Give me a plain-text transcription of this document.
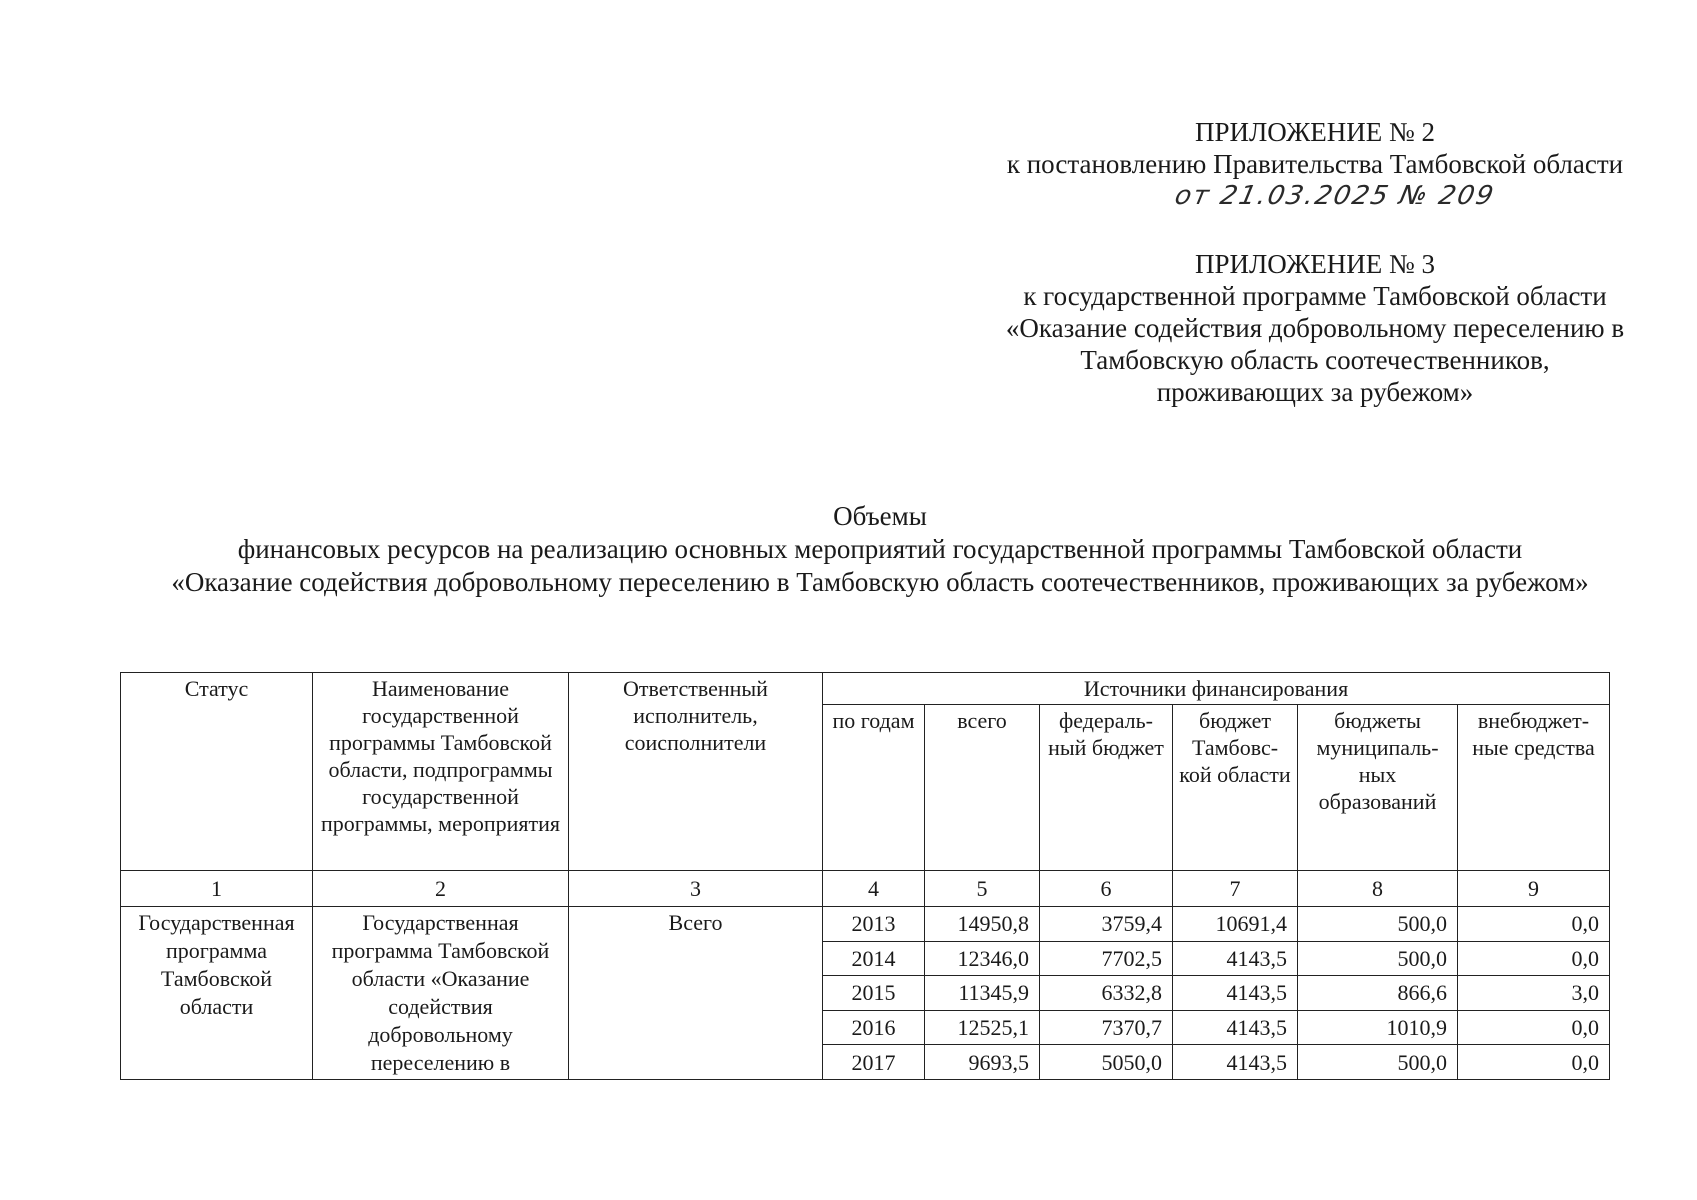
ПРИЛОЖЕНИЕ № 2
к постановлению Правительства Тамбовской области
от 21.03.2025 № 209
ПРИЛОЖЕНИЕ № 3
к государственной программе Тамбовской области
«Оказание содействия добровольному переселению в
Тамбовскую область соотечественников,
проживающих за рубежом»
Объемы
финансовых ресурсов на реализацию основных мероприятий государственной программы Тамбовской области
«Оказание содействия добровольному переселению в Тамбовскую область соотечественников, проживающих за рубежом»
Статус	Наименование государственной программы Тамбовской области, подпрограммы государственной программы, мероприятия	Ответственный исполнитель, соисполнители	Источники финансирования					
			по годам	всего	федераль-ный бюджет	бюджет Тамбовс-кой области	бюджеты муниципаль-ных образований	внебюджет-ные средства
1	2	3	4	5	6	7	8	9
Государственная программа Тамбовской области	Государственная программа Тамбовской области «Оказание содействия добровольному переселению в	Всего	2013	14950,8	3759,4	10691,4	500,0	0,0
			2014	12346,0	7702,5	4143,5	500,0	0,0
			2015	11345,9	6332,8	4143,5	866,6	3,0
			2016	12525,1	7370,7	4143,5	1010,9	0,0
			2017	9693,5	5050,0	4143,5	500,0	0,0
